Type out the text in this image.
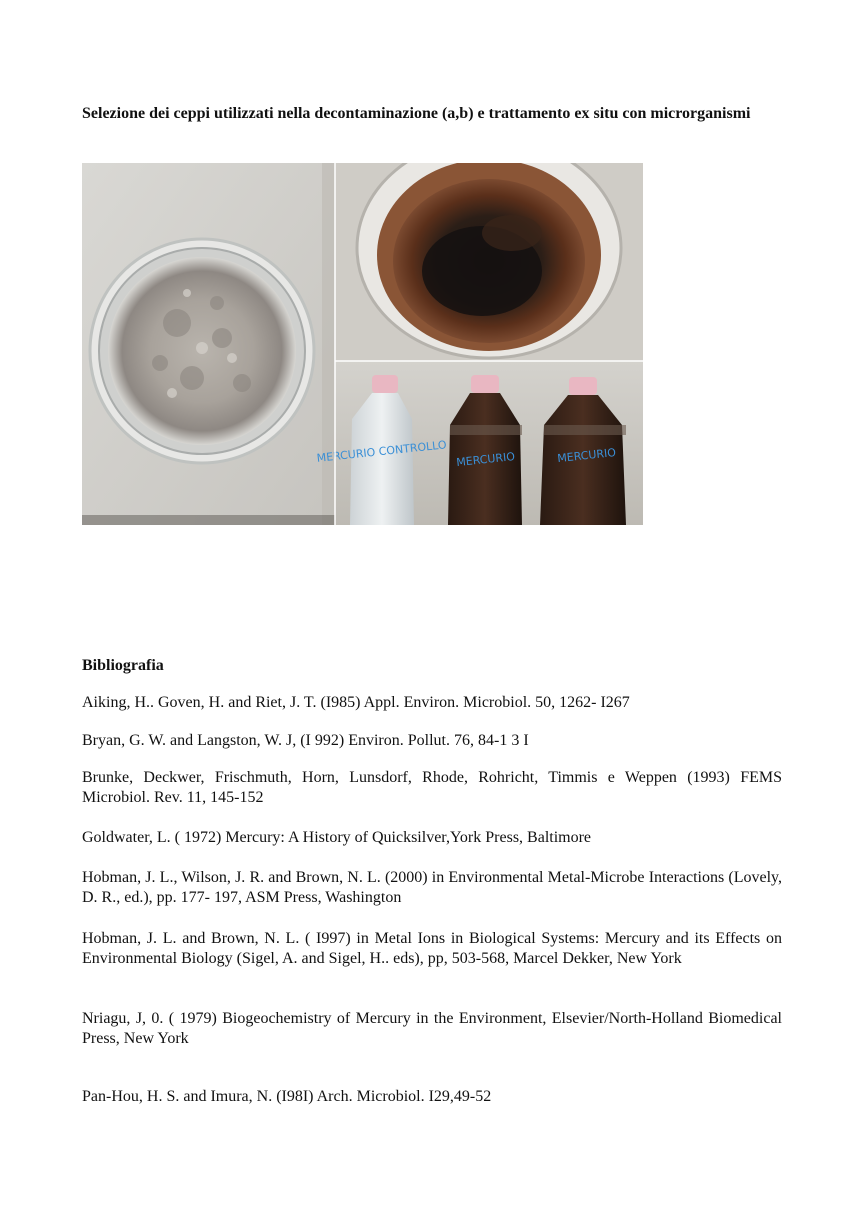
Selezione dei ceppi utilizzati nella decontaminazione (a,b) e trattamento ex situ con microrganismi
MERCURIO CONTROLLO MERCURIO	MERCURIO
Bibliografia
Aiking, H.. Goven, H. and Riet, J. T. (I985) Appl. Environ. Microbiol. 50, 1262- I267
Bryan, G. W. and Langston, W. J, (I 992) Environ. Pollut. 76, 84-1 3 I
Brunke, Deckwer, Frischmuth, Horn, Lunsdorf, Rhode, Rohricht, Timmis e Weppen (1993) FEMS Microbiol. Rev. 11, 145-152
Goldwater, L. ( 1972) Mercury: A History of Quicksilver,York Press, Baltimore
Hobman, J. L., Wilson, J. R. and Brown, N. L. (2000) in Environmental Metal-Microbe Interactions (Lovely, D. R., ed.), pp. 177- 197, ASM Press, Washington
Hobman, J. L. and Brown, N. L. ( I997) in Metal Ions in Biological Systems: Mercury and its Effects on Environmental Biology (Sigel, A. and Sigel, H.. eds), pp, 503-568, Marcel Dekker, New York
Nriagu, J, 0. ( 1979) Biogeochemistry of Mercury in the Environment, Elsevier/North-Holland Biomedical Press, New York
Pan-Hou, H. S. and Imura, N. (I98I) Arch. Microbiol. I29,49-52
